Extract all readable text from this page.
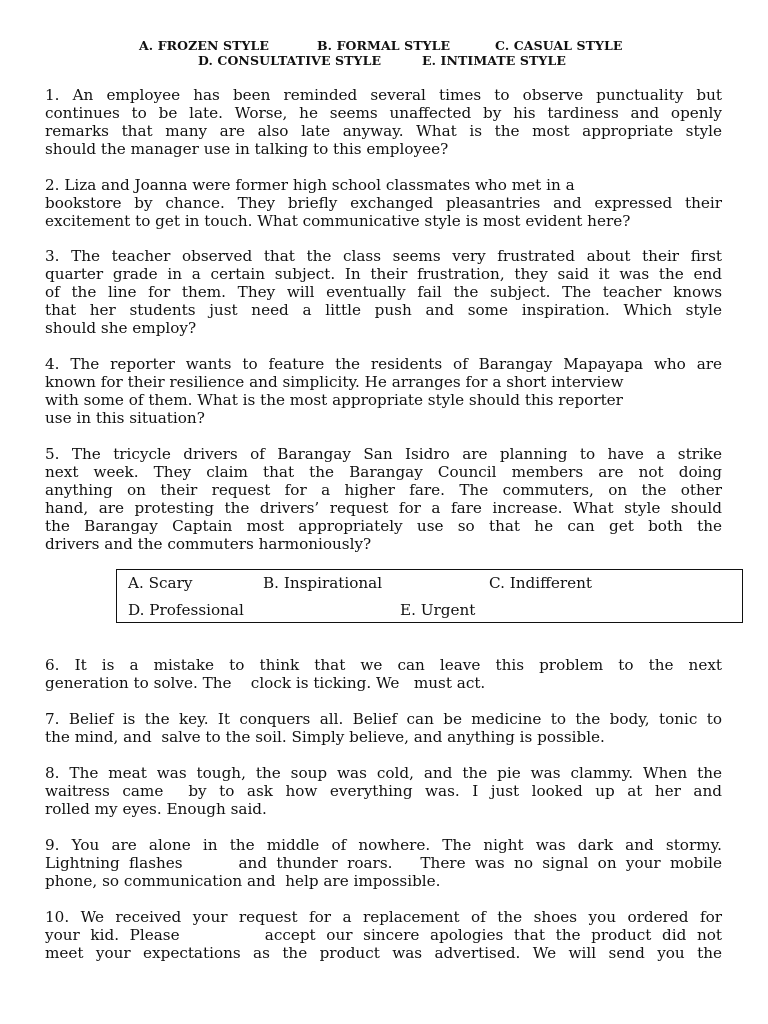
A. FROZEN STYLE	B. FORMAL STYLE	C. CASUAL STYLE
D. CONSULTATIVE STYLE	E. INTIMATE STYLE
1. An employee has been reminded several times to observe punctuality but
continues to be late. Worse, he seems unaffected by his tardiness and openly
remarks that many are also late anyway. What is the most appropriate style
should the manager use in talking to this employee?
2. Liza and Joanna were former high school classmates who met in a
bookstore by chance. They briefly exchanged pleasantries and expressed their
excitement to get in touch. What communicative style is most evident here?
3. The teacher observed that the class seems very frustrated about their first
quarter grade in a certain subject. In their frustration, they said it was the end
of the line for them. They will eventually fail the subject. The teacher knows
that her students just need a little push and some inspiration. Which style
should she employ?
4. The reporter wants to feature the residents of Barangay Mapayapa who are
known for their resilience and simplicity. He arranges for a short interview
with some of them. What is the most appropriate style should this reporter
use in this situation?
5. The tricycle drivers of Barangay San Isidro are planning to have a strike
next week. They claim that the Barangay Council members are not doing
anything on their request for a higher fare. The commuters, on the other
hand, are protesting the drivers’ request for a fare increase. What style should
the Barangay Captain most appropriately use so that he can get both the
drivers and the commuters harmoniously?
A. Scary	B. Inspirational	C. Indifferent
D. Professional	E. Urgent
6. It is a mistake to think that we can leave this problem to the next
generation to solve. The    clock is ticking. We   must act.
7. Belief is the key. It conquers all. Belief can be medicine to the body, tonic to
the mind, and  salve to the soil. Simply believe, and anything is possible.
8. The meat was tough, the soup was cold, and the pie was clammy. When the
waitress came  by to ask how everything was. I just looked up at her and
rolled my eyes. Enough said.
9. You are alone in the middle of nowhere. The night was dark and stormy.
Lightning flashes      and thunder roars.   There was no signal on your mobile
phone, so communication and  help are impossible.
10. We received your request for a replacement of the shoes you ordered for
your kid. Please        accept our sincere apologies that the product did not
meet your expectations as the product was advertised. We will send you the
